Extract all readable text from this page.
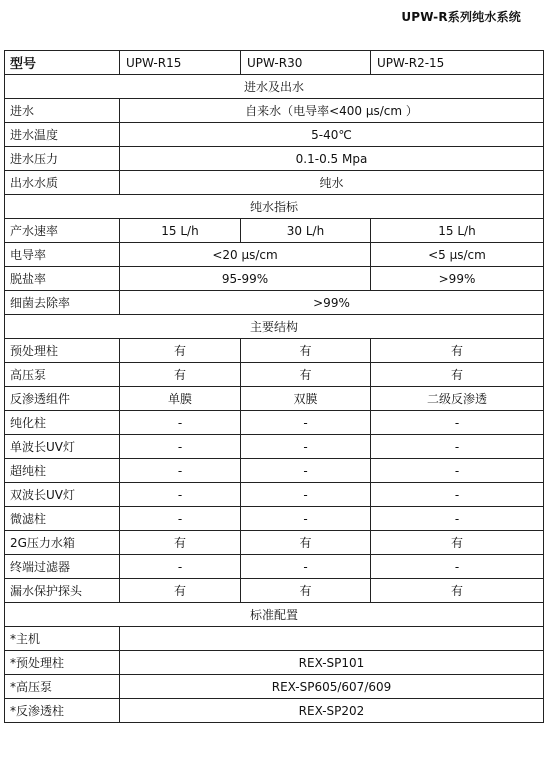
UPW-R系列纯水系统
型号	UPW-R15	UPW-R30	UPW-R2-15
进水及出水			
进水	自来水（电导率<400 μs/cm ）		
进水温度	5-40℃		
进水压力	0.1-0.5 Mpa		
出水水质	纯水		
纯水指标			
产水速率	15 L/h	30 L/h	15 L/h
电导率	<20 μs/cm		<5 μs/cm
脱盐率	95-99%		>99%
细菌去除率	>99%		
主要结构			
预处理柱	有	有	有
高压泵	有	有	有
反渗透组件	单膜	双膜	二级反渗透
纯化柱	-	-	-
单波长UV灯	-	-	-
超纯柱	-	-	-
双波长UV灯	-	-	-
微滤柱	-	-	-
2G压力水箱	有	有	有
终端过滤器	-	-	-
漏水保护探头	有	有	有
标准配置			
*主机			
*预处理柱	REX-SP101		
*高压泵	REX-SP605/607/609		
*反渗透柱	REX-SP202		
